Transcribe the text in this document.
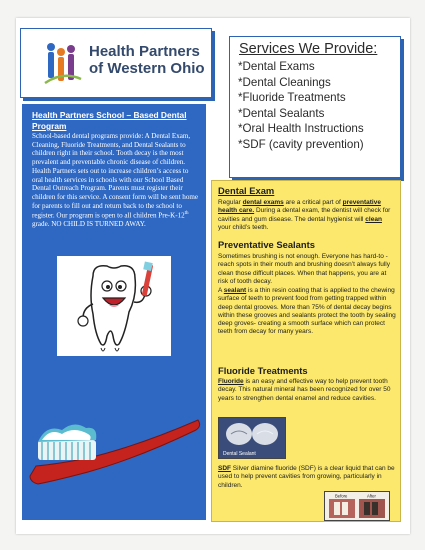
Health Partners
of Western Ohio
Services We Provide:
*Dental Exams
*Dental Cleanings
*Fluoride Treatments
*Dental Sealants
*Oral Health Instructions
*SDF (cavity prevention)
Health Partners School – Based Dental Program
School-based dental programs provide: A Dental Exam, Cleaning, Fluoride Treatments, and Dental Sealants to children right in their school. Tooth decay is the most prevalent and preventable chronic disease of children. Health Partners sets out to increase children’s access to oral health services in schools with our School Based Dental Outreach Program. Parents must register their children for this service. A consent form will be sent home for parents to fill out and return back to the school to register. Our program is open to all children Pre-K-12th grade. NO CHILD IS TURNED AWAY.
Dental Exam
Regular dental exams are a critical part of preventative health care. During a dental exam, the dentist will check for cavities and gum disease. The dental hygienist will clean your child’s teeth.
Preventative Sealants
Sometimes brushing is not enough. Everyone has hard-to -reach spots in their mouth and brushing doesn’t always fully clean those difficult places. When that happens, you are at risk of tooth decay.
A sealant is a thin resin coating that is applied to the chewing surface of teeth to prevent food from getting trapped within deep dental grooves. More than 75% of dental decay begins within these grooves and sealants protect the tooth by sealing deep groves- creating a smooth surface which can protect teeth from decay for many years.
Fluoride Treatments
Fluoride is an easy and effective way to help prevent tooth decay. This natural mineral has been recognized for over 50 years to strengthen dental enamel and reduce cavities.
Dental Sealant
SDF Silver diamine fluoride (SDF) is a clear liquid that can be used to help prevent cavities from growing, particularly in children.
Before	After
